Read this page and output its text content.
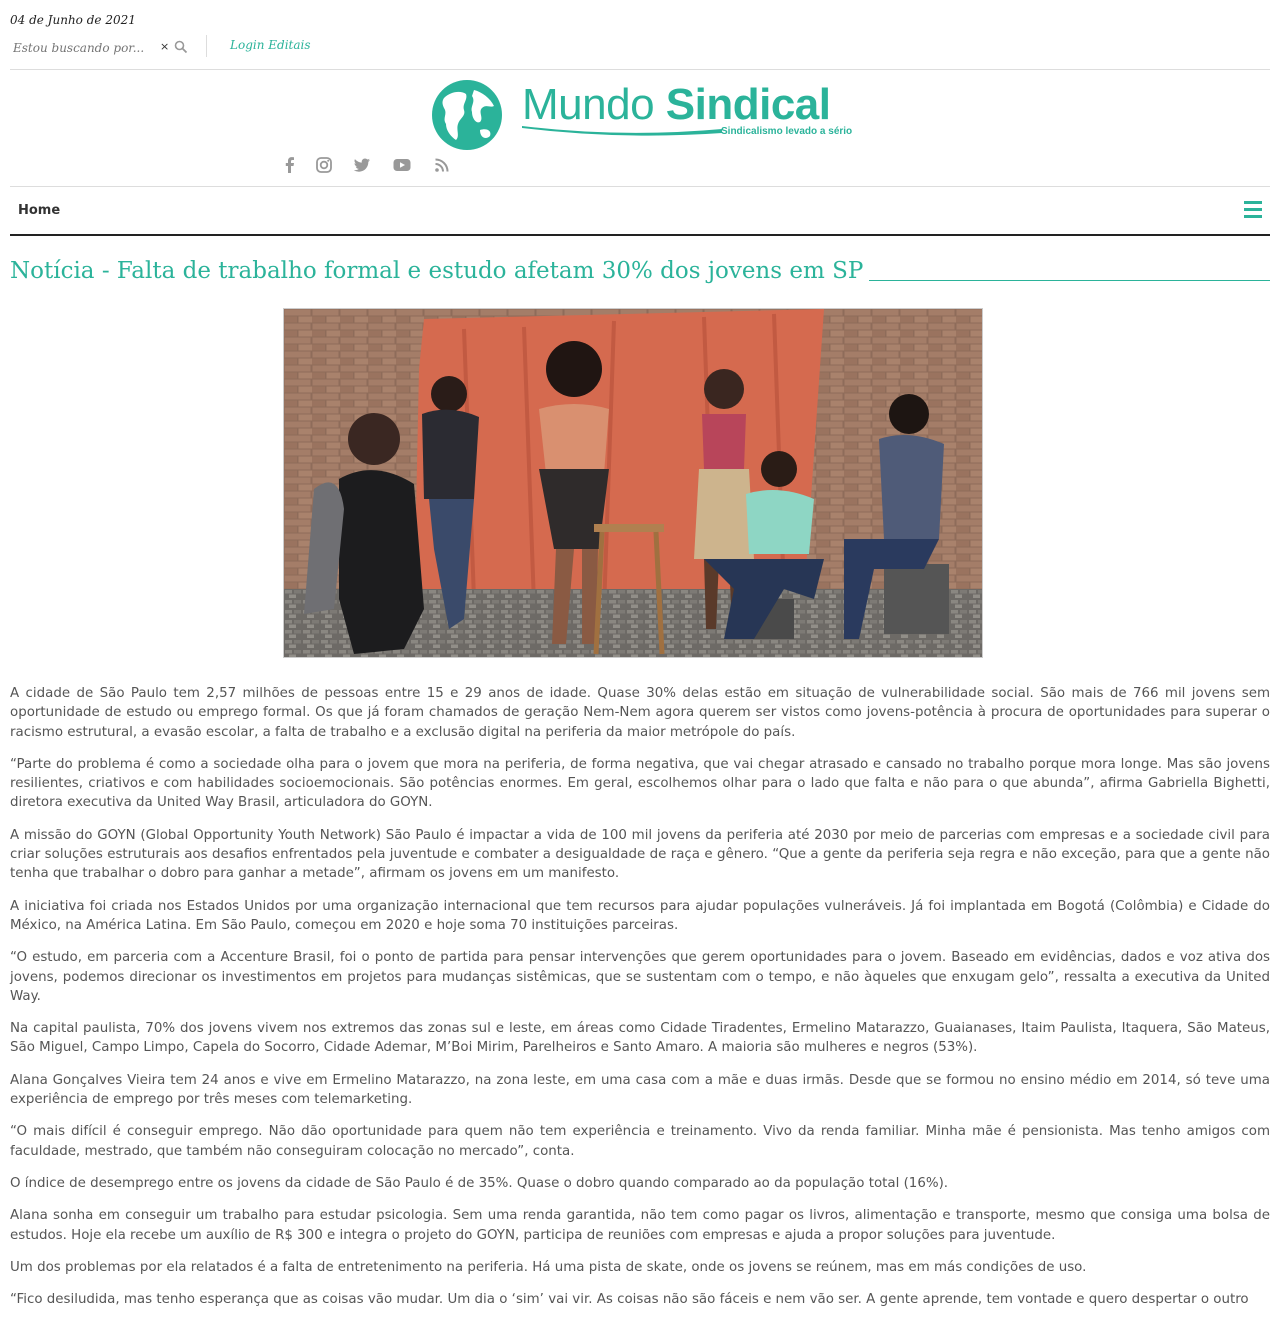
04 de Junho de 2021
Estou buscando por...
×	Login Editais
Mundo Sindical
Sindicalismo levado a sério
Home
Notícia - Falta de trabalho formal e estudo afetam 30% dos jovens em SP

A cidade de São Paulo tem 2,57 milhões de pessoas entre 15 e 29 anos de idade. Quase 30% delas estão em situação de vulnerabilidade social. São mais de 766 mil jovens sem oportunidade de estudo ou emprego formal. Os que já foram chamados de geração Nem-Nem agora querem ser vistos como jovens-potência à procura de oportunidades para superar o racismo estrutural, a evasão escolar, a falta de trabalho e a exclusão digital na periferia da maior metrópole do país.

“Parte do problema é como a sociedade olha para o jovem que mora na periferia, de forma negativa, que vai chegar atrasado e cansado no trabalho porque mora longe. Mas são jovens resilientes, criativos e com habilidades socioemocionais. São potências enormes. Em geral, escolhemos olhar para o lado que falta e não para o que abunda”, afirma Gabriella Bighetti, diretora executiva da United Way Brasil, articuladora do GOYN.

A missão do GOYN (Global Opportunity Youth Network) São Paulo é impactar a vida de 100 mil jovens da periferia até 2030 por meio de parcerias com empresas e a sociedade civil para criar soluções estruturais aos desafios enfrentados pela juventude e combater a desigualdade de raça e gênero. “Que a gente da periferia seja regra e não exceção, para que a gente não tenha que trabalhar o dobro para ganhar a metade”, afirmam os jovens em um manifesto.

A iniciativa foi criada nos Estados Unidos por uma organização internacional que tem recursos para ajudar populações vulneráveis. Já foi implantada em Bogotá (Colômbia) e Cidade do México, na América Latina. Em São Paulo, começou em 2020 e hoje soma 70 instituições parceiras.

“O estudo, em parceria com a Accenture Brasil, foi o ponto de partida para pensar intervenções que gerem oportunidades para o jovem. Baseado em evidências, dados e voz ativa dos jovens, podemos direcionar os investimentos em projetos para mudanças sistêmicas, que se sustentam com o tempo, e não àqueles que enxugam gelo”, ressalta a executiva da United Way.

Na capital paulista, 70% dos jovens vivem nos extremos das zonas sul e leste, em áreas como Cidade Tiradentes, Ermelino Matarazzo, Guaianases, Itaim Paulista, Itaquera, São Mateus, São Miguel, Campo Limpo, Capela do Socorro, Cidade Ademar, M’Boi Mirim, Parelheiros e Santo Amaro. A maioria são mulheres e negros (53%).

Alana Gonçalves Vieira tem 24 anos e vive em Ermelino Matarazzo, na zona leste, em uma casa com a mãe e duas irmãs. Desde que se formou no ensino médio em 2014, só teve uma experiência de emprego por três meses com telemarketing.

“O mais difícil é conseguir emprego. Não dão oportunidade para quem não tem experiência e treinamento. Vivo da renda familiar. Minha mãe é pensionista. Mas tenho amigos com faculdade, mestrado, que também não conseguiram colocação no mercado”, conta.

O índice de desemprego entre os jovens da cidade de São Paulo é de 35%. Quase o dobro quando comparado ao da população total (16%).

Alana sonha em conseguir um trabalho para estudar psicologia. Sem uma renda garantida, não tem como pagar os livros, alimentação e transporte, mesmo que consiga uma bolsa de estudos. Hoje ela recebe um auxílio de R$ 300 e integra o projeto do GOYN, participa de reuniões com empresas e ajuda a propor soluções para juventude.

Um dos problemas por ela relatados é a falta de entretenimento na periferia. Há uma pista de skate, onde os jovens se reúnem, mas em más condições de uso.

“Fico desiludida, mas tenho esperança que as coisas vão mudar. Um dia o ‘sim’ vai vir. As coisas não são fáceis e nem vão ser. A gente aprende, tem vontade e quero despertar o outro
